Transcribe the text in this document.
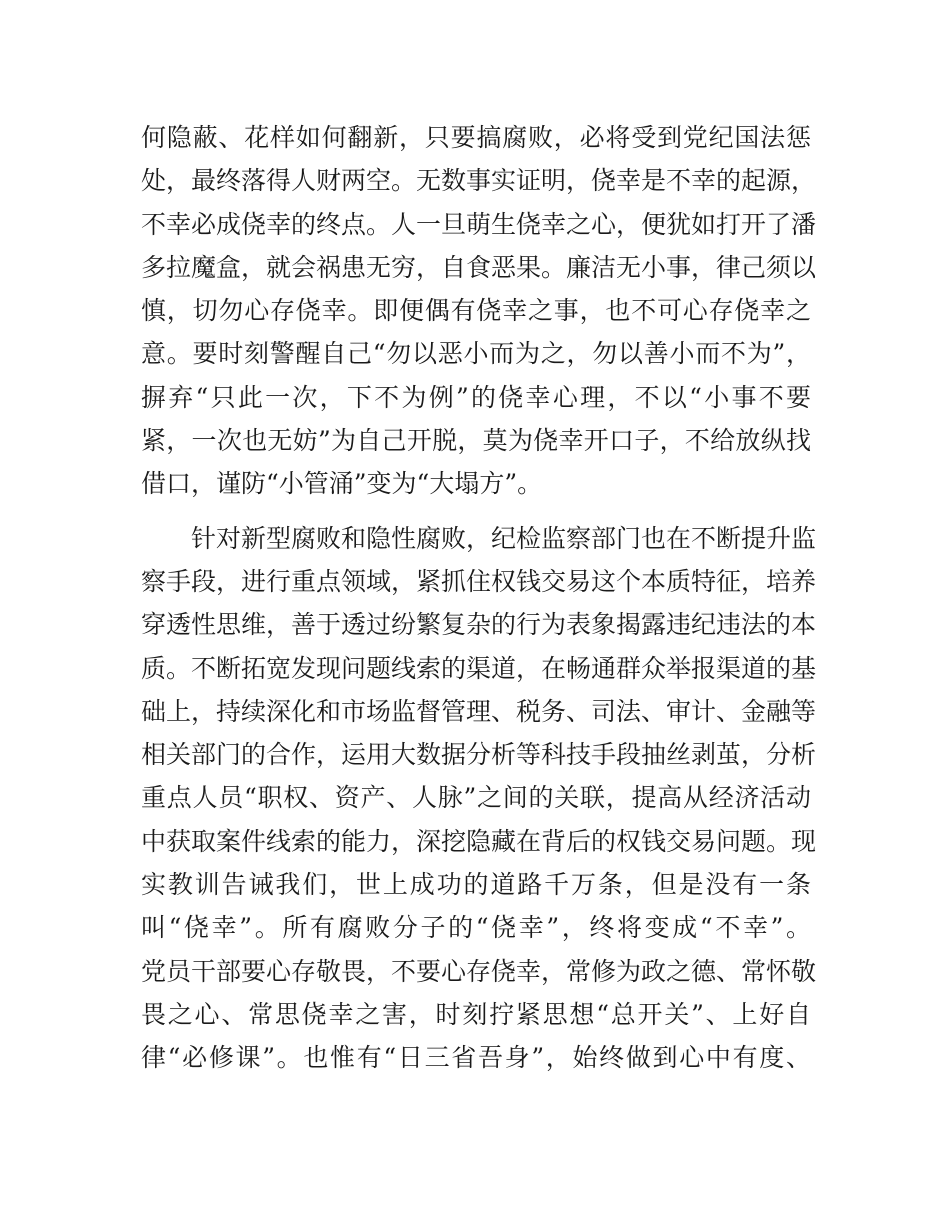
何隐蔽、花样如何翻新，只要搞腐败，必将受到党纪国法惩
处，最终落得人财两空。无数事实证明，侥幸是不幸的起源，
不幸必成侥幸的终点。人一旦萌生侥幸之心，便犹如打开了潘
多拉魔盒，就会祸患无穷，自食恶果。廉洁无小事，律己须以
慎，切勿心存侥幸。即便偶有侥幸之事，也不可心存侥幸之
意。要时刻警醒自己“勿以恶小而为之，勿以善小而不为”，
摒弃“只此一次，下不为例”的侥幸心理，不以“小事不要
紧，一次也无妨”为自己开脱，莫为侥幸开口子，不给放纵找
借口，谨防“小管涌”变为“大塌方”。
　　针对新型腐败和隐性腐败，纪检监察部门也在不断提升监
察手段，进行重点领域，紧抓住权钱交易这个本质特征，培养
穿透性思维，善于透过纷繁复杂的行为表象揭露违纪违法的本
质。不断拓宽发现问题线索的渠道，在畅通群众举报渠道的基
础上，持续深化和市场监督管理、税务、司法、审计、金融等
相关部门的合作，运用大数据分析等科技手段抽丝剥茧，分析
重点人员“职权、资产、人脉”之间的关联，提高从经济活动
中获取案件线索的能力，深挖隐藏在背后的权钱交易问题。现
实教训告诫我们，世上成功的道路千万条，但是没有一条
叫“侥幸”。所有腐败分子的“侥幸”，终将变成“不幸”。
党员干部要心存敬畏，不要心存侥幸，常修为政之德、常怀敬
畏之心、常思侥幸之害，时刻拧紧思想“总开关”、上好自
律“必修课”。也惟有“日三省吾身”，始终做到心中有度、
